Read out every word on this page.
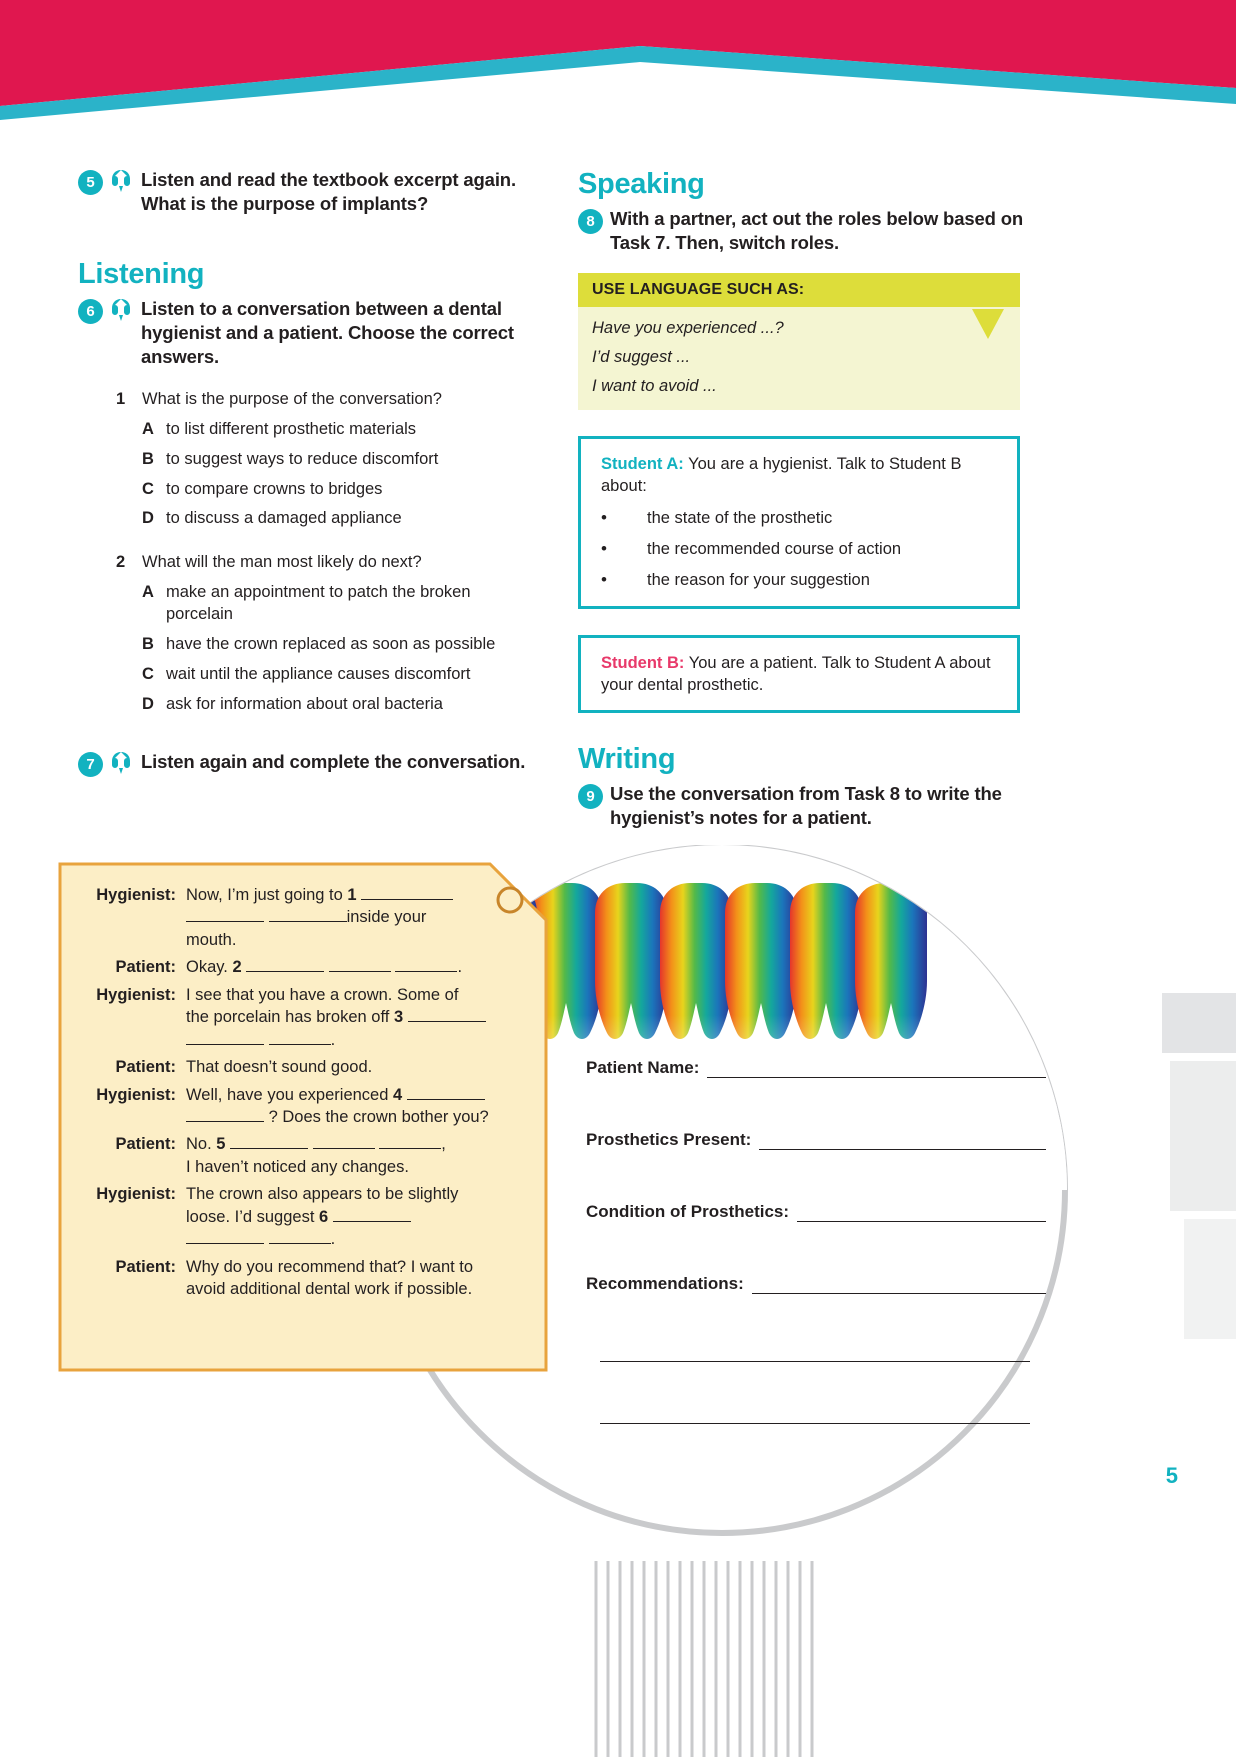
5	Listen and read the textbook excerpt again. What is the purpose of implants?
Listening
6	Listen to a conversation between a dental hygienist and a patient. Choose the correct answers.
1	What is the purpose of the conversation?
A to list different prosthetic materials
B to suggest ways to reduce discomfort
C to compare crowns to bridges
D to discuss a damaged appliance
2	What will the man most likely do next?
A make an appointment to patch the broken porcelain
B have the crown replaced as soon as possible
C wait until the appliance causes discomfort
D ask for information about oral bacteria
7	Listen again and complete the conversation.
Hygienist: Now, I’m just going to 1
inside your
mouth.
Patient: Okay. 2	.
Hygienist: I see that you have a crown. Some of
the porcelain has broken off 3
.
Patient: That doesn’t sound good.
Hygienist: Well, have you experienced 4
? Does the crown bother you?
Patient: No. 5	,
I haven’t noticed any changes.
Hygienist: The crown also appears to be slightly
loose. I’d suggest 6
.
Patient: Why do you recommend that? I want to
avoid additional dental work if possible.
Speaking
8 With a partner, act out the roles below based on Task 7. Then, switch roles.
USE LANGUAGE SUCH AS:

Have you experienced ...?

I’d suggest ...

I want to avoid ...

Student A: You are a hygienist. Talk to Student B about:
•
the state of the prosthetic
•
the recommended course of action
•
the reason for your suggestion
Student B: You are a patient. Talk to Student A about your dental prosthetic.
Writing
9 Use the conversation from Task 8 to write the hygienist’s notes for a patient.
Patient Name:
Prosthetics Present:
Condition of Prosthetics:
Recommendations:
5
